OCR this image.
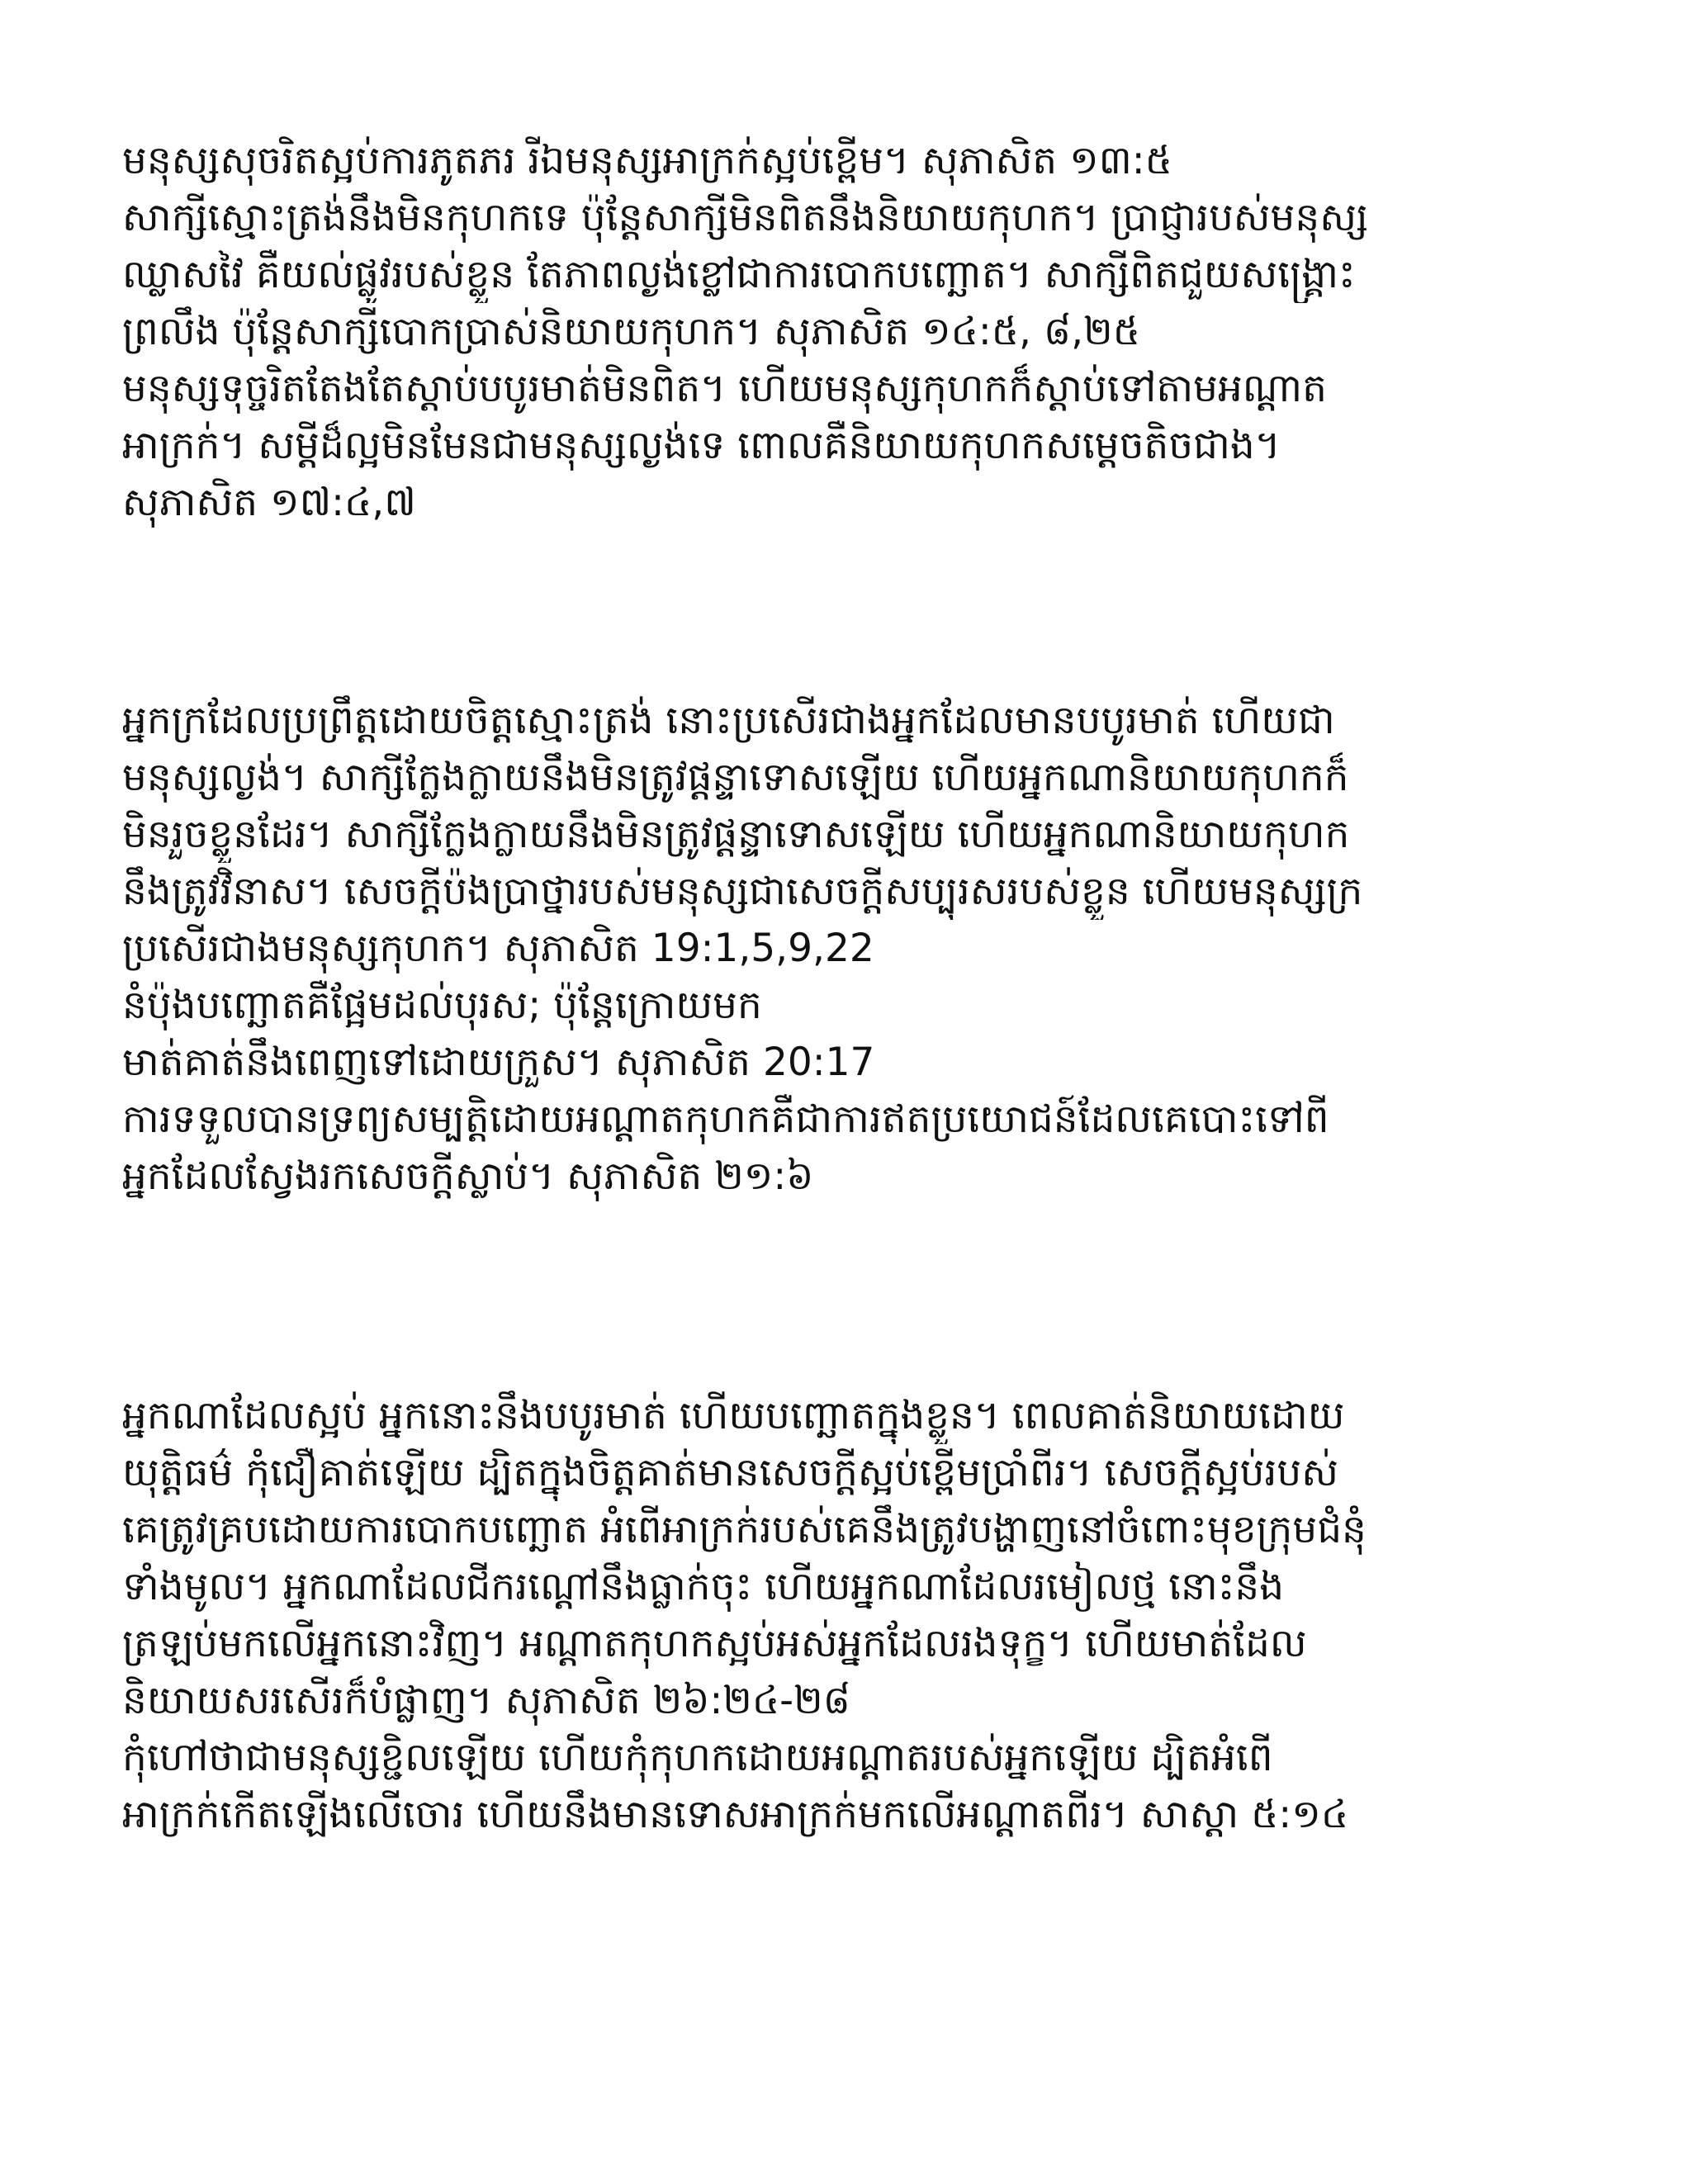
មនុស្សសុចរិតស្អប់ការភូតភរ រីឯមនុស្សអាក្រក់ស្អប់ខ្ពើម។ សុភាសិត ១៣:៥
សាក្សីស្មោះត្រង់នឹងមិនកុហកទេ ប៉ុន្តែសាក្សីមិនពិតនឹងនិយាយកុហក។ ប្រាជ្ញារបស់មនុស្ស
ឈ្លាសវៃ គឺយល់ផ្លូវរបស់ខ្លួន តែភាពល្ងង់ខ្លៅជាការបោកបញ្ឆោត។ សាក្សីពិតជួយសង្គ្រោះ
ព្រលឹង ប៉ុន្តែសាក្សីបោកប្រាស់និយាយកុហក។ សុភាសិត ១៤:៥, ៨,២៥
មនុស្សទុច្ចរិតតែងតែស្ដាប់បបូរមាត់មិនពិត។ ហើយមនុស្សកុហកក៏ស្ដាប់ទៅតាមអណ្ដាត
អាក្រក់។ សម្ដីដ៏ល្អមិនមែនជាមនុស្សល្ងង់ទេ ពោលគឺនិយាយកុហកសម្ដេចតិចជាង។
សុភាសិត ១៧:៤,៧
អ្នកក្រដែលប្រព្រឹត្តដោយចិត្តស្មោះត្រង់ នោះប្រសើរជាងអ្នកដែលមានបបូរមាត់ ហើយជា
មនុស្សល្ងង់។ សាក្សីក្លែងក្លាយនឹងមិនត្រូវផ្ដន្ទាទោសឡើយ ហើយអ្នកណានិយាយកុហកក៏
មិនរួចខ្លួនដែរ។ សាក្សីក្លែងក្លាយនឹងមិនត្រូវផ្ដន្ទាទោសឡើយ ហើយអ្នកណានិយាយកុហក
នឹងត្រូវវិនាស។ សេចក្ដីប៉ងប្រាថ្នារបស់មនុស្សជាសេចក្ដីសប្បុរសរបស់ខ្លួន ហើយមនុស្សក្រ
ប្រសើរជាងមនុស្សកុហក។ សុភាសិត 19:1,5,9,22
នំប៉ុងបញ្ឆោតគឺផ្អែមដល់បុរស; ប៉ុន្តែក្រោយមក
មាត់គាត់នឹងពេញទៅដោយក្រួស។ សុភាសិត 20:17
ការទទួលបានទ្រព្យសម្បត្តិដោយអណ្ដាតកុហកគឺជាការឥតប្រយោជន៍ដែលគេបោះទៅពី
អ្នកដែលស្វែងរកសេចក្ដីស្លាប់។ សុភាសិត ២១:៦
អ្នកណាដែលស្អប់ អ្នកនោះនឹងបបូរមាត់ ហើយបញ្ឆោតក្នុងខ្លួន។ ពេលគាត់និយាយដោយ
យុត្តិធម៌ កុំជឿគាត់ឡើយ ដ្បិតក្នុងចិត្តគាត់មានសេចក្ដីស្អប់ខ្ពើមប្រាំពីរ។ សេចក្ដីស្អប់របស់
គេត្រូវគ្របដោយការបោកបញ្ឆោត អំពើអាក្រក់របស់គេនឹងត្រូវបង្ហាញនៅចំពោះមុខក្រុមជំនុំ
ទាំងមូល។ អ្នកណាដែលជីករណ្ដៅនឹងធ្លាក់ចុះ ហើយអ្នកណាដែលរមៀលថ្ម នោះនឹង
ត្រឡប់មកលើអ្នកនោះវិញ។ អណ្ដាតកុហកស្អប់អស់អ្នកដែលរងទុក្ខ។ ហើយមាត់ដែល
និយាយសរសើរក៏បំផ្លាញ។ សុភាសិត ២៦:២៤-២៨
កុំហៅថាជាមនុស្សខ្ជិលឡើយ ហើយកុំកុហកដោយអណ្ដាតរបស់អ្នកឡើយ ដ្បិតអំពើ
អាក្រក់កើតឡើងលើចោរ ហើយនឹងមានទោសអាក្រក់មកលើអណ្ដាតពីរ។ សាស្ដា ៥:១៤
